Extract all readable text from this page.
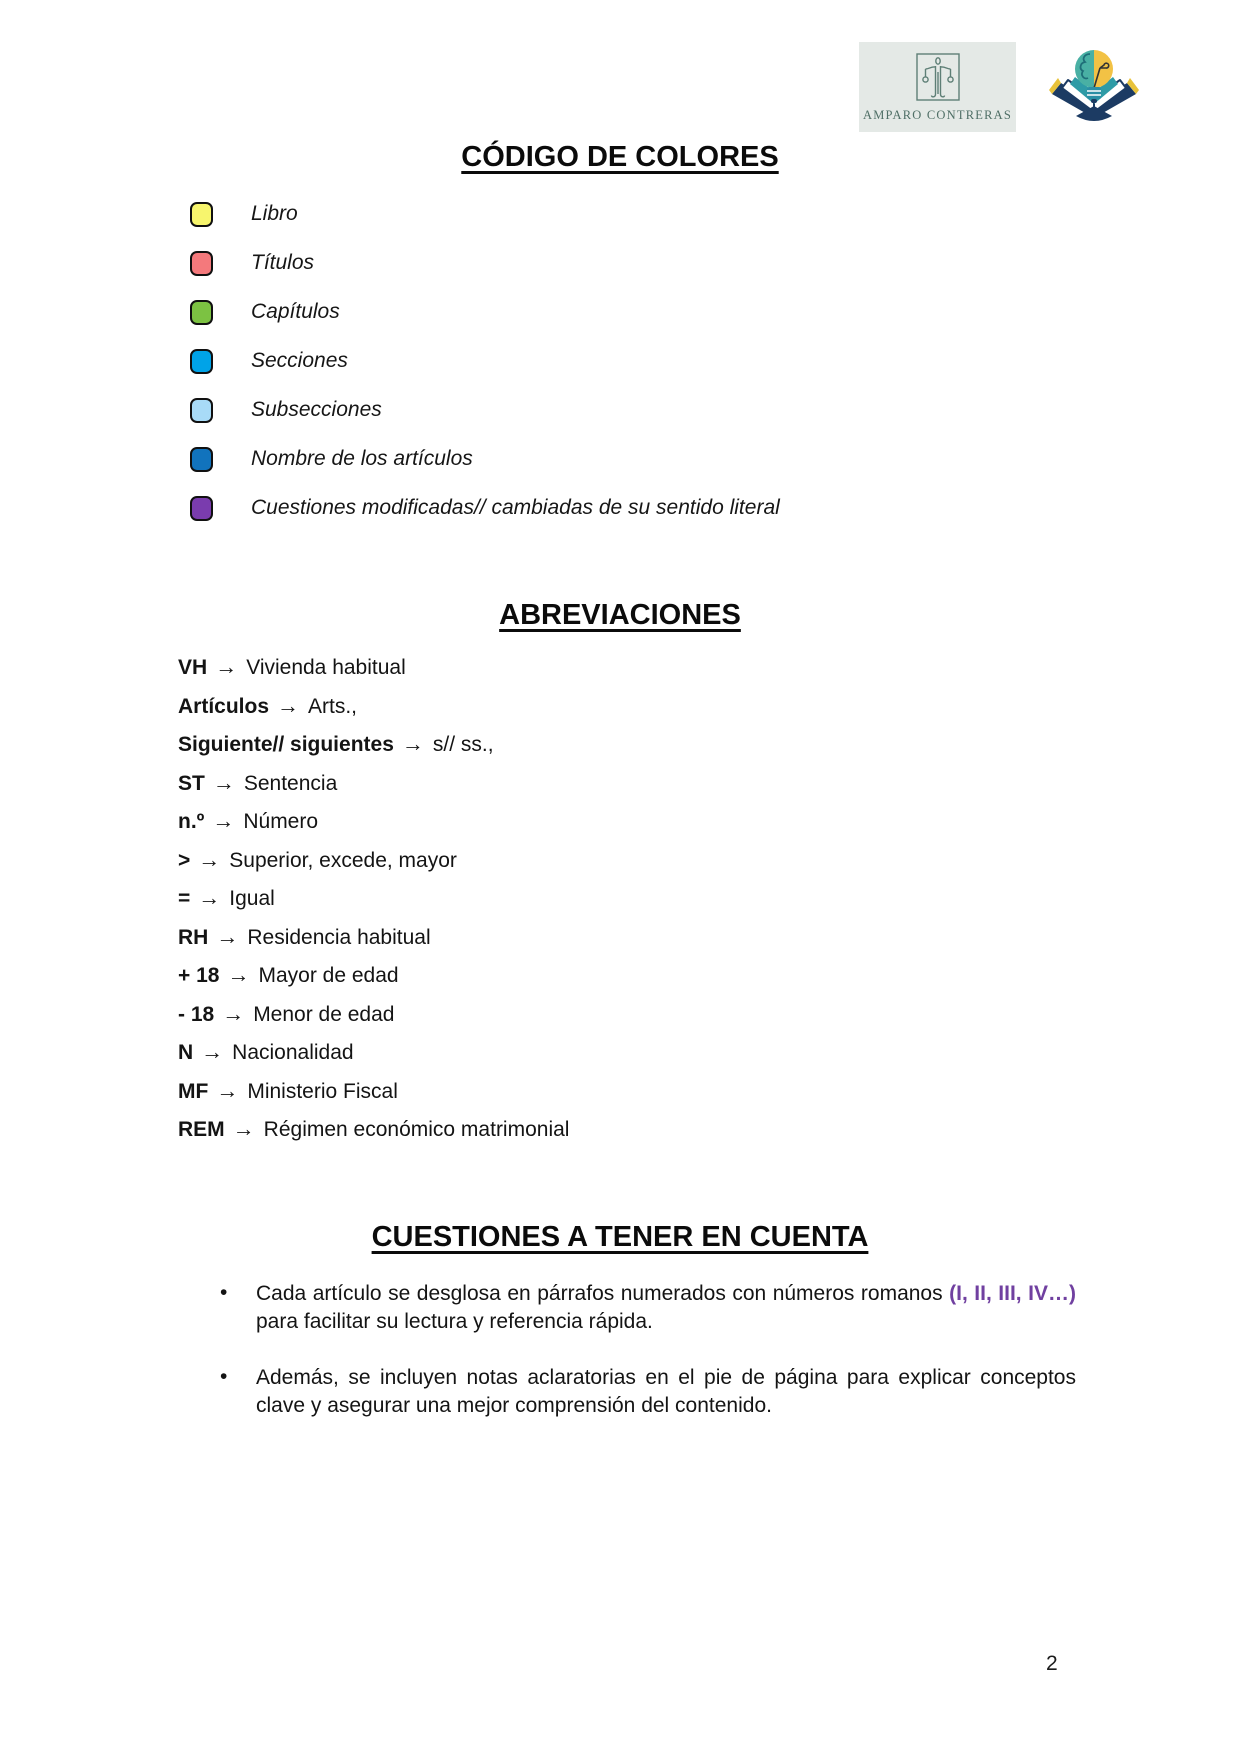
AMPARO CONTRERAS
CÓDIGO DE COLORES
Libro
Títulos
Capítulos
Secciones
Subsecciones
Nombre de los artículos
Cuestiones modificadas// cambiadas de su sentido literal
ABREVIACIONES
VH → Vivienda habitual
Artículos → Arts.,
Siguiente// siguientes → s// ss.,
ST → Sentencia
n.º → Número
> → Superior, excede, mayor
= → Igual
RH → Residencia habitual
+ 18 → Mayor de edad
- 18 → Menor de edad
N → Nacionalidad
MF → Ministerio Fiscal
REM → Régimen económico matrimonial
CUESTIONES A TENER EN CUENTA
• Cada artículo se desglosa en párrafos numerados con números romanos (I, II, III, IV…) para facilitar su lectura y referencia rápida.
• Además, se incluyen notas aclaratorias en el pie de página para explicar conceptos clave y asegurar una mejor comprensión del contenido.
2
